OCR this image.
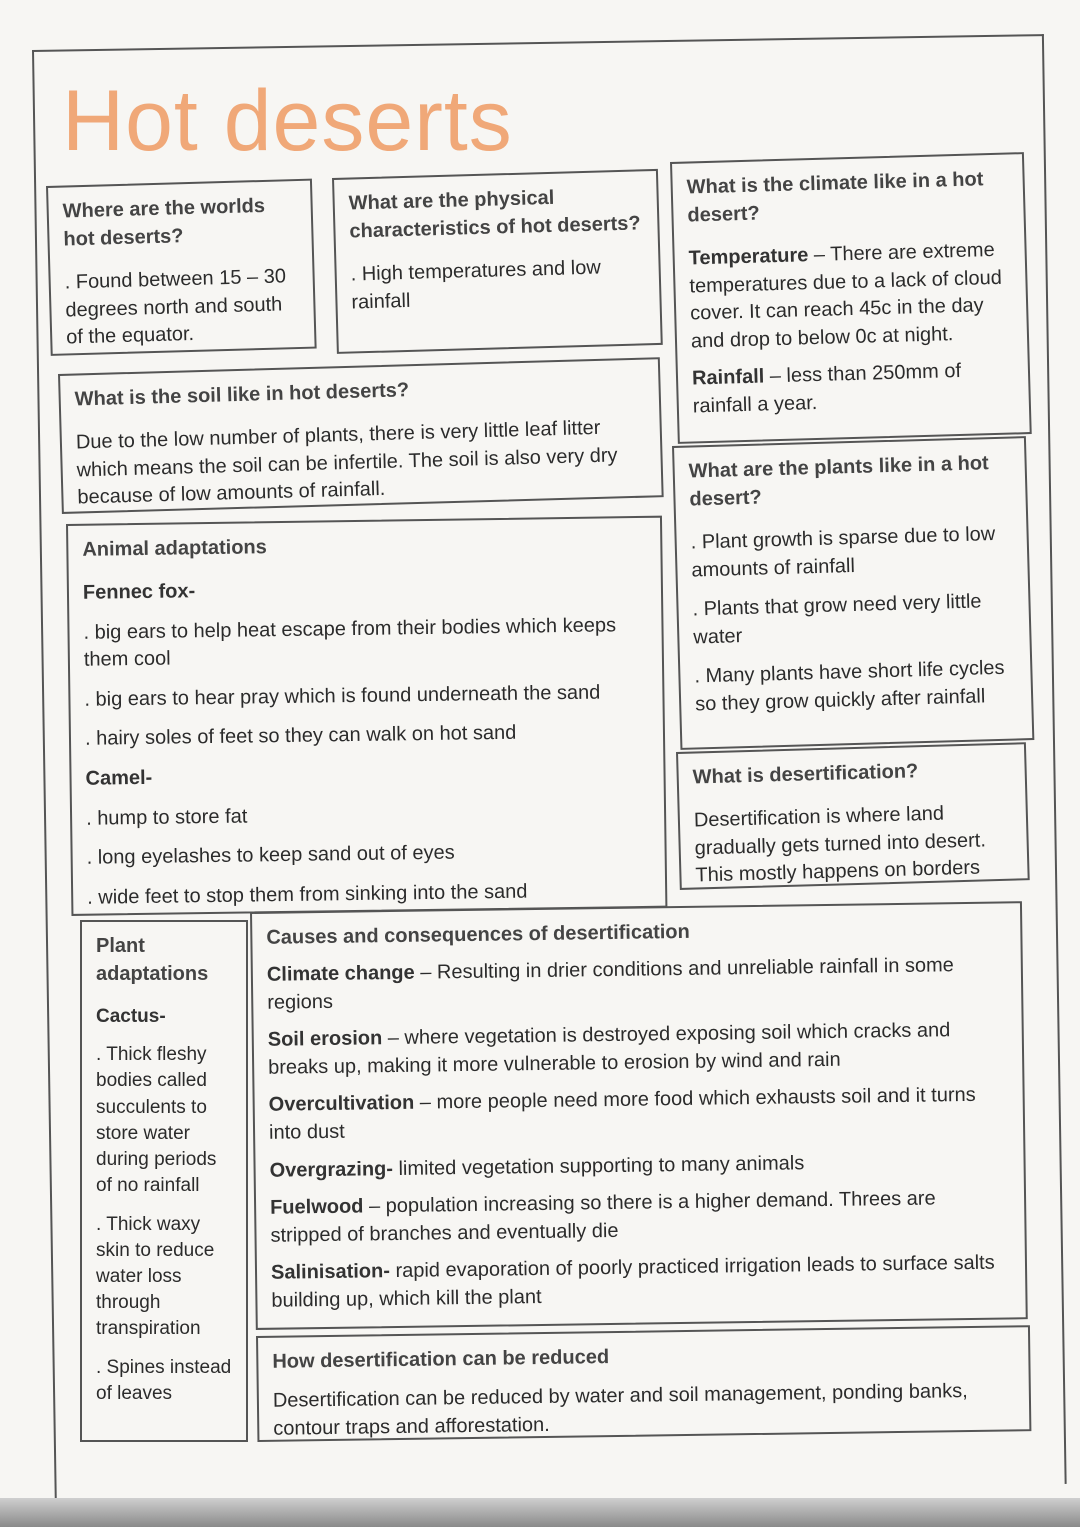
Hot deserts
Where are the worlds hot deserts?

. Found between 15 – 30 degrees north and south of the equator.

What are the physical characteristics of hot deserts?

. High temperatures and low rainfall

What is the climate like in a hot desert?

Temperature – There are extreme temperatures due to a lack of cloud cover. It can reach 45c in the day and drop to below 0c at night.

Rainfall – less than 250mm of rainfall a year.

What is the soil like in hot deserts?

Due to the low number of plants, there is very little leaf litter which means the soil can be infertile. The soil is also very dry because of low amounts of rainfall.

What are the plants like in a hot desert?
. Plant growth is sparse due to low amounts of rainfall
. Plants that grow need very little water
. Many plants have short life cycles so they grow quickly after rainfall
Animal adaptations
Fennec fox-
. big ears to help heat escape from their bodies which keeps them cool
. big ears to hear pray which is found underneath the sand
. hairy soles of feet so they can walk on hot sand
Camel-
. hump to store fat
. long eyelashes to keep sand out of eyes
. wide feet to stop them from sinking into the sand
What is desertification?

Desertification is where land gradually gets turned into desert. This mostly happens on borders

Plant adaptations
Cactus-
. Thick fleshy bodies called succulents to store water during periods of no rainfall
. Thick waxy skin to reduce water loss through transpiration
. Spines instead of leaves
Causes and consequences of desertification

Climate change – Resulting in drier conditions and unreliable rainfall in some regions

Soil erosion – where vegetation is destroyed exposing soil which cracks and breaks up, making it more vulnerable to erosion by wind and rain

Overcultivation – more people need more food which exhausts soil and it turns into dust

Overgrazing- limited vegetation supporting to many animals

Fuelwood – population increasing so there is a higher demand. Threes are stripped of branches and eventually die

Salinisation- rapid evaporation of poorly practiced irrigation leads to surface salts building up, which kill the plant

How desertification can be reduced

Desertification can be reduced by water and soil management, ponding banks, contour traps and afforestation.
